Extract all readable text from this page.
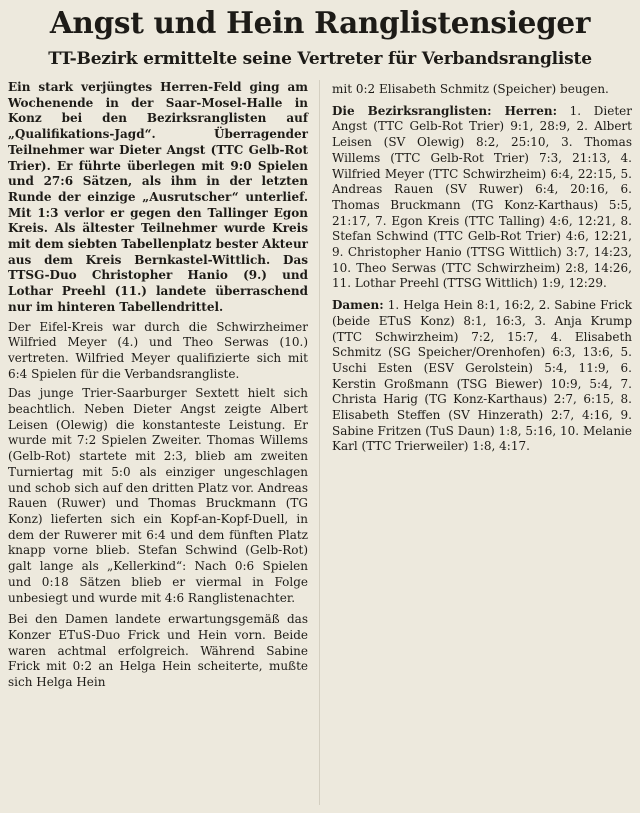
Angst und Hein Ranglistensieger
TT-Bezirk ermittelte seine Vertreter für Verbandsrangliste

Ein stark verjüngtes Herren-Feld ging am Wochenende in der Saar-Mosel-Halle in Konz bei den Bezirksranglisten auf „Qualifikations-Jagd“. Überragender Teilnehmer war Dieter Angst (TTC Gelb-Rot Trier). Er führte überlegen mit 9:0 Spielen und 27:6 Sätzen, als ihm in der letzten Runde der einzige „Ausrutscher“ unterlief. Mit 1:3 verlor er gegen den Tallinger Egon Kreis. Als ältester Teilnehmer wurde Kreis mit dem siebten Tabellenplatz bester Akteur aus dem Kreis Bernkastel-Wittlich. Das TTSG-Duo Christopher Hanio (9.) und Lothar Preehl (11.) landete überraschend nur im hinteren Tabellendrittel.

Der Eifel-Kreis war durch die Schwirzheimer Wilfried Meyer (4.) und Theo Serwas (10.) vertreten. Wilfried Meyer qualifizierte sich mit 6:4 Spielen für die Verbandsrangliste.

Das junge Trier-Saarburger Sextett hielt sich beachtlich. Neben Dieter Angst zeigte Albert Leisen (Olewig) die konstanteste Leistung. Er wurde mit 7:2 Spielen Zweiter. Thomas Willems (Gelb-Rot) startete mit 2:3, blieb am zweiten Turniertag mit 5:0 als einziger ungeschlagen und schob sich auf den dritten Platz vor. Andreas Rauen (Ruwer) und Thomas Bruckmann (TG Konz) lieferten sich ein Kopf-an-Kopf-Duell, in dem der Ruwerer mit 6:4 und dem fünften Platz knapp vorne blieb. Stefan Schwind (Gelb-Rot) galt lange als „Kellerkind“: Nach 0:6 Spielen und 0:18 Sätzen blieb er viermal in Folge unbesiegt und wurde mit 4:6 Ranglistenachter.

Bei den Damen landete erwartungsgemäß das Konzer ETuS-Duo Frick und Hein vorn. Beide waren achtmal erfolgreich. Während Sabine Frick mit 0:2 an Helga Hein scheiterte, mußte sich Helga Hein

mit 0:2 Elisabeth Schmitz (Speicher) beugen.

Die Bezirksranglisten: Herren: 1. Dieter Angst (TTC Gelb-Rot Trier) 9:1, 28:9, 2. Albert Leisen (SV Olewig) 8:2, 25:10, 3. Thomas Willems (TTC Gelb-Rot Trier) 7:3, 21:13, 4. Wilfried Meyer (TTC Schwirzheim) 6:4, 22:15, 5. Andreas Rauen (SV Ruwer) 6:4, 20:16, 6. Thomas Bruckmann (TG Konz-Karthaus) 5:5, 21:17, 7. Egon Kreis (TTC Talling) 4:6, 12:21, 8. Stefan Schwind (TTC Gelb-Rot Trier) 4:6, 12:21, 9. Christopher Hanio (TTSG Wittlich) 3:7, 14:23, 10. Theo Serwas (TTC Schwirzheim) 2:8, 14:26, 11. Lothar Preehl (TTSG Wittlich) 1:9, 12:29.

Damen: 1. Helga Hein 8:1, 16:2, 2. Sabine Frick (beide ETuS Konz) 8:1, 16:3, 3. Anja Krump (TTC Schwirzheim) 7:2, 15:7, 4. Elisabeth Schmitz (SG Speicher/Orenhofen) 6:3, 13:6, 5. Uschi Esten (ESV Gerolstein) 5:4, 11:9, 6. Kerstin Großmann (TSG Biewer) 10:9, 5:4, 7. Christa Harig (TG Konz-Karthaus) 2:7, 6:15, 8. Elisabeth Steffen (SV Hinzerath) 2:7, 4:16, 9. Sabine Fritzen (TuS Daun) 1:8, 5:16, 10. Melanie Karl (TTC Trierweiler) 1:8, 4:17.
